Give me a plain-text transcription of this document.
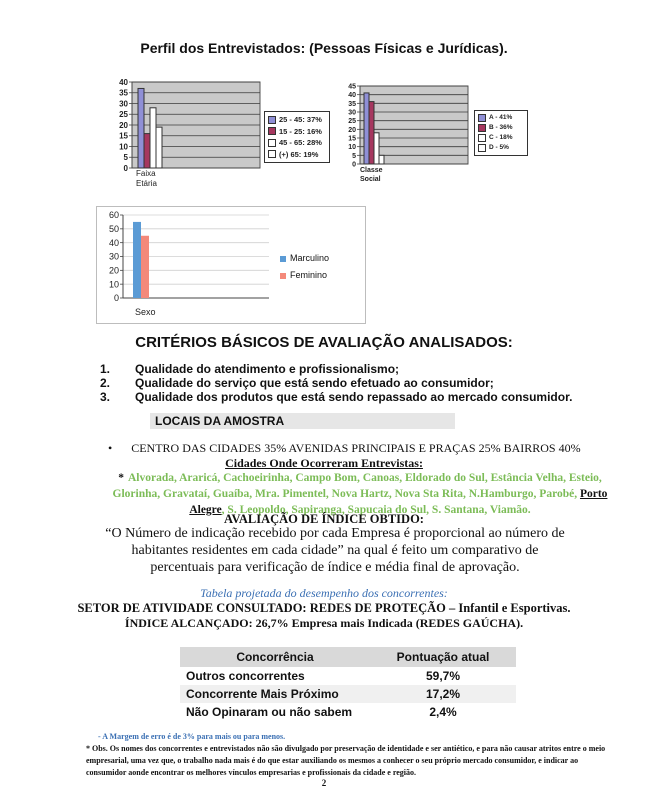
Perfil dos Entrevistados: (Pessoas Físicas e Jurídicas).
0
5
10
15
20
25
30
35
40
Faixa
Etária
25 - 45: 37%
15 - 25: 16%
45 - 65: 28%
(+) 65: 19%
0
5
10
15
20
25
30
35
40
45
Classe
Social
A - 41%
B - 36%
C - 18%
D - 5%
0
10
20
30
40
50
60
Sexo
Marculino
Feminino
CRITÉRIOS BÁSICOS DE AVALIAÇÃO ANALISADOS:
1.	Qualidade do atendimento e profissionalismo;
2.	Qualidade do serviço que está sendo efetuado ao consumidor;
3.	Qualidade dos produtos que está sendo repassado ao mercado consumidor.
LOCAIS DA AMOSTRA
• CENTRO DAS CIDADES 35% AVENIDAS PRINCIPAIS E PRAÇAS 25% BAIRROS 40%
Cidades Onde Ocorreram Entrevistas:
* Alvorada, Araricá, Cachoeirinha, Campo Bom, Canoas, Eldorado do Sul, Estância Velha, Esteio, Glorinha, Gravataí, Guaíba, Mra. Pimentel, Nova Hartz, Nova Sta Rita, N.Hamburgo, Parobé, Porto Alegre, S. Leopoldo, Sapiranga, Sapucaia do Sul, S. Santana, Viamão.
AVALIAÇÃO DE ÍNDICE OBTIDO:
“O Número de indicação recebido por cada Empresa é proporcional ao número de habitantes residentes em cada cidade” na qual é feito um comparativo de percentuais para verificação de índice e média final de aprovação.
Tabela projetada do desempenho dos concorrentes:
SETOR DE ATIVIDADE CONSULTADO: REDES DE PROTEÇÃO – Infantil e Esportivas.
ÍNDICE ALCANÇADO: 26,7% Empresa mais Indicada (REDES GAÚCHA).
Concorrência	Pontuação atual
Outros concorrentes	59,7%
Concorrente Mais Próximo	17,2%
Não Opinaram ou não sabem	2,4%
- A Margem de erro é de 3% para mais ou para menos.
* Obs. Os nomes dos concorrentes e entrevistados não são divulgado por preservação de identidade e ser antiético, e para não causar atritos entre o meio empresarial, uma vez que, o trabalho nada mais é do que estar auxiliando os mesmos a conhecer o seu próprio mercado consumidor, e indicar ao consumidor aonde encontrar os melhores vínculos empresarias e profissionais da cidade e região.
2
